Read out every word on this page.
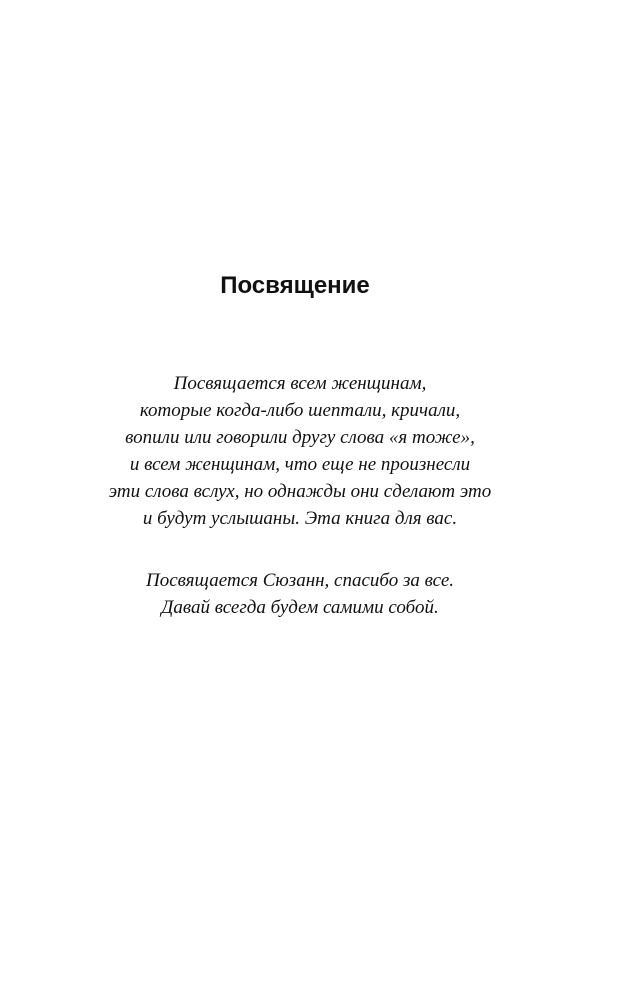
Посвящение
Посвящается всем женщинам,
которые когда-либо шептали, кричали,
вопили или говорили другу слова «я тоже»,
и всем женщинам, что еще не произнесли
эти слова вслух, но однажды они сделают это
и будут услышаны. Эта книга для вас.
Посвящается Сюзанн, спасибо за все.
Давай всегда будем самими собой.
